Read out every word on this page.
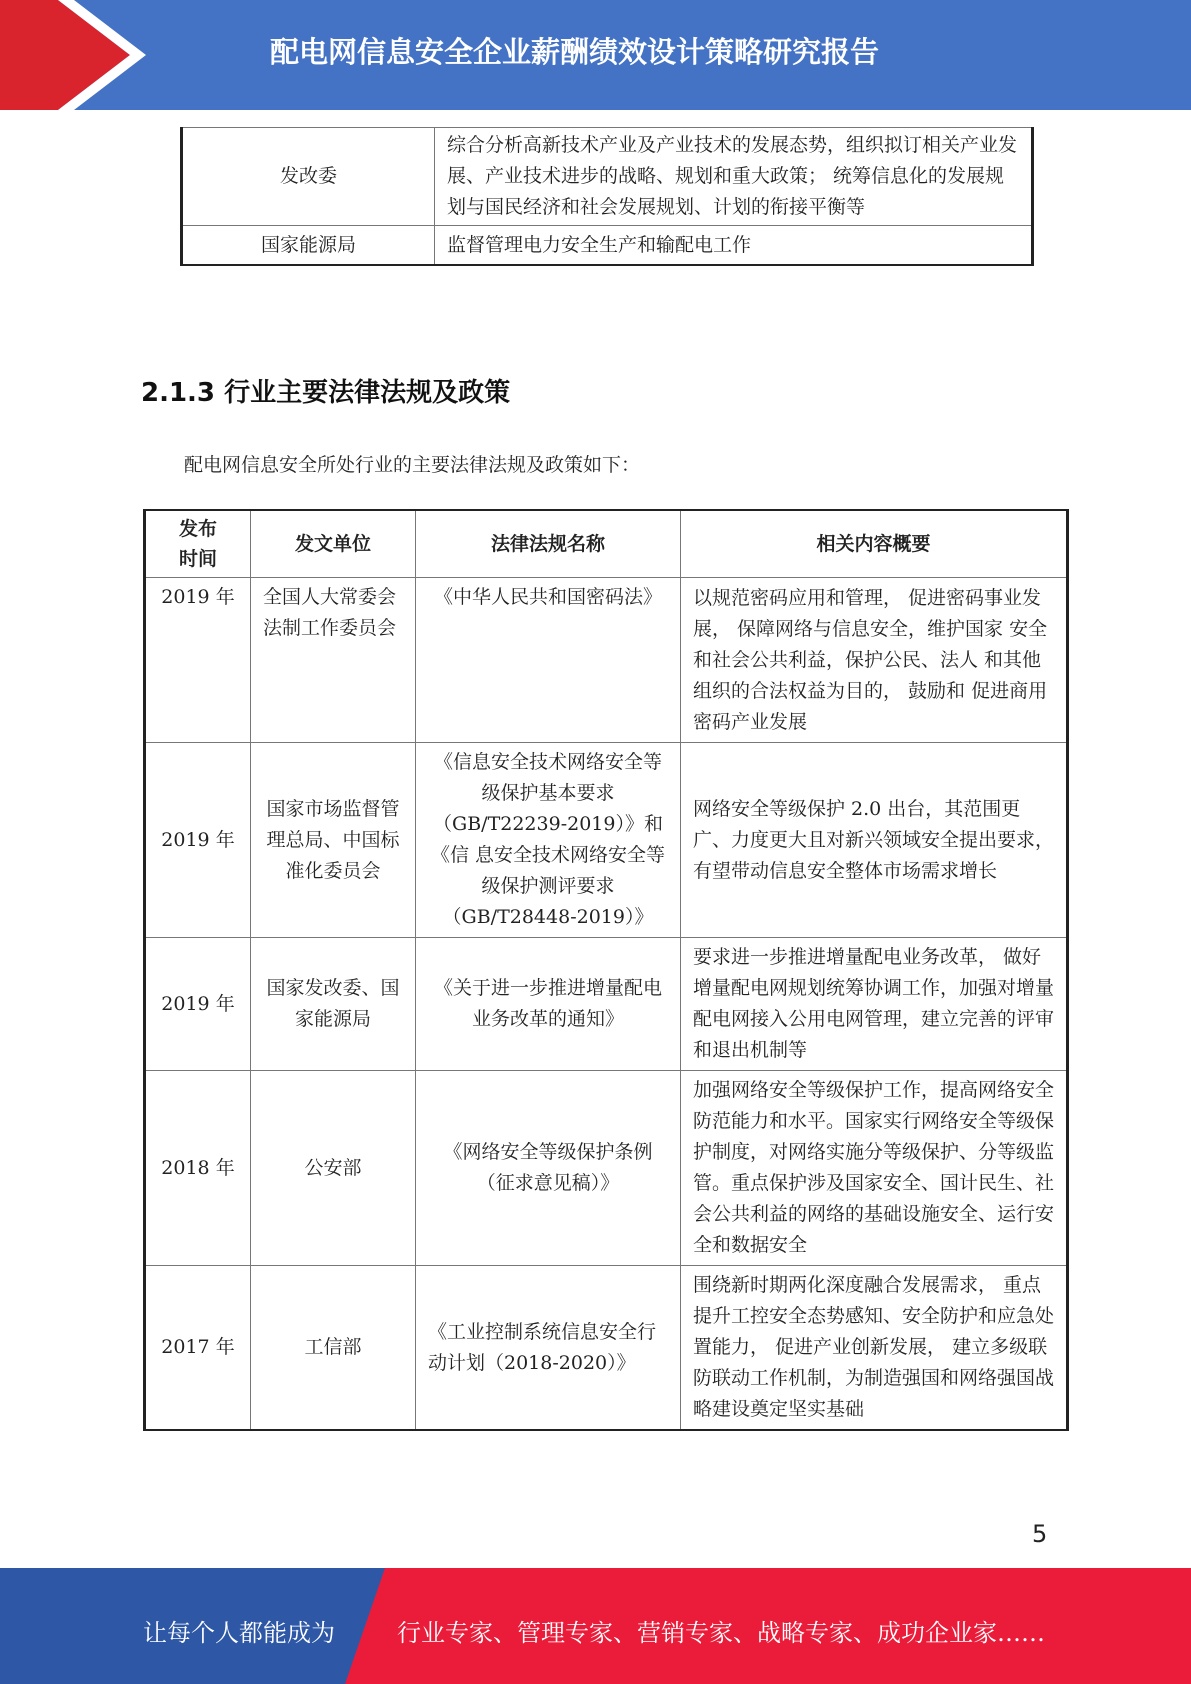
配电网信息安全企业薪酬绩效设计策略研究报告
发改委	综合分析高新技术产业及产业技术的发展态势，组织拟订相关产业发展、产业技术进步的战略、规划和重大政策； 统筹信息化的发展规划与国民经济和社会发展规划、计划的衔接平衡等
国家能源局	监督管理电力安全生产和输配电工作
2.1.3 行业主要法律法规及政策
配电网信息安全所处行业的主要法律法规及政策如下：
发布时间	发文单位	法律法规名称	相关内容概要
2019 年	全国人大常委会法制工作委员会	《中华人民共和国密码法》	以规范密码应用和管理， 促进密码事业发展， 保障网络与信息安全，维护国家 安全和社会公共利益，保护公民、法人 和其他组织的合法权益为目的， 鼓励和 促进商用密码产业发展
2019 年	国家市场监督管理总局、中国标准化委员会	《信息安全技术网络安全等级保护基本要求（GB/T22239-2019）》和《信 息安全技术网络安全等级保护测评要求（GB/T28448-2019）》	网络安全等级保护 2.0 出台，其范围更广、力度更大且对新兴领域安全提出要求，有望带动信息安全整体市场需求增长
2019 年	国家发改委、国家能源局	《关于进一步推进增量配电业务改革的通知》	要求进一步推进增量配电业务改革， 做好增量配电网规划统筹协调工作，加强对增量配电网接入公用电网管理，建立完善的评审和退出机制等
2018 年	公安部	《网络安全等级保护条例（征求意见稿）》	加强网络安全等级保护工作，提高网络安全防范能力和水平。国家实行网络安全等级保护制度，对网络实施分等级保护、分等级监管。重点保护涉及国家安全、国计民生、社会公共利益的网络的基础设施安全、运行安全和数据安全
2017 年	工信部	《工业控制系统信息安全行动计划（2018-2020）》	围绕新时期两化深度融合发展需求， 重点提升工控安全态势感知、安全防护和应急处置能力， 促进产业创新发展， 建立多级联防联动工作机制，为制造强国和网络强国战略建设奠定坚实基础
5
让每个人都能成为	行业专家、管理专家、营销专家、战略专家、成功企业家……
